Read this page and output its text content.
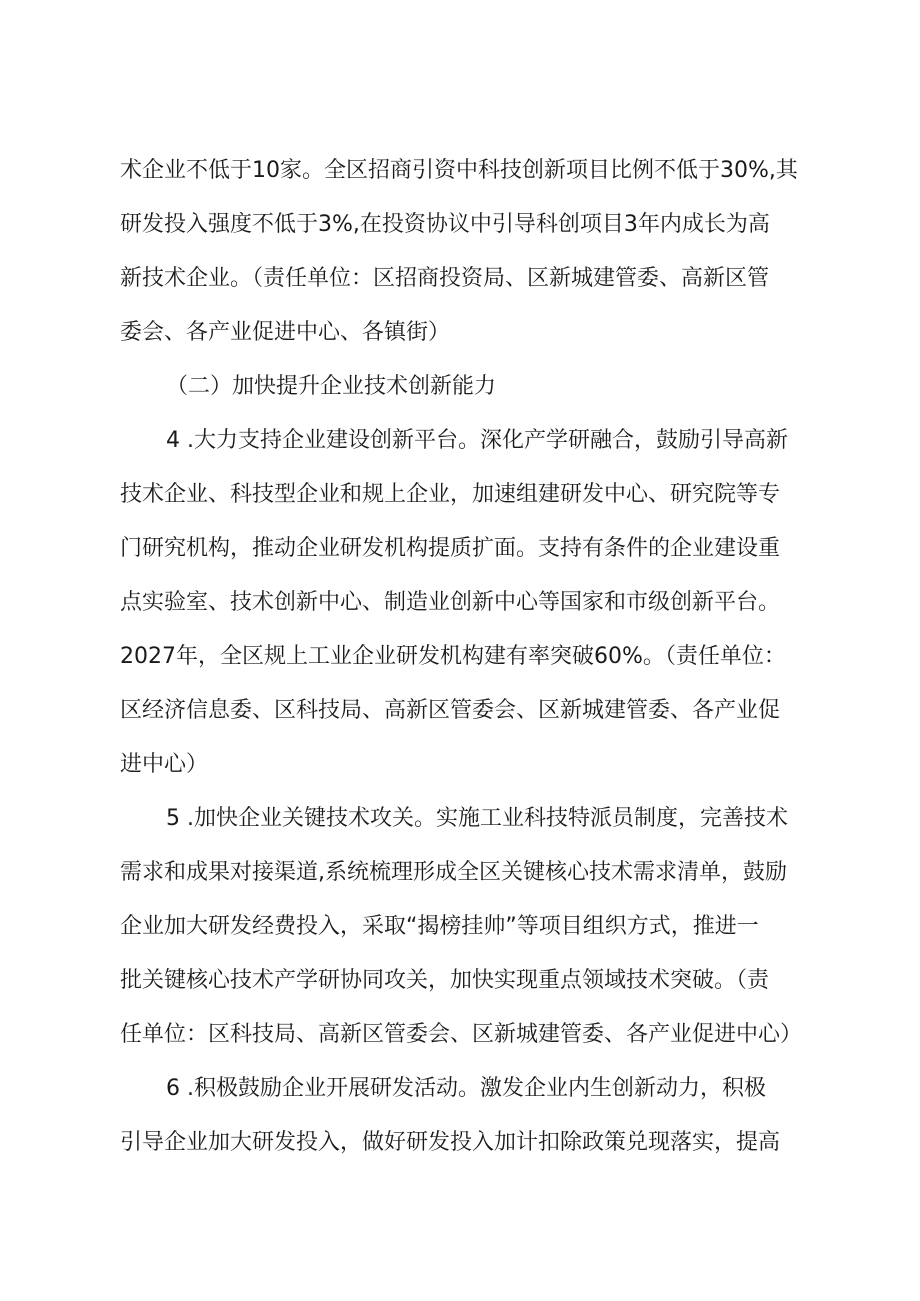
术企业不低于10家。全区招商引资中科技创新项目比例不低于30%,其
研发投入强度不低于3%,在投资协议中引导科创项目3年内成长为高
新技术企业。（责任单位：区招商投资局、区新城建管委、高新区管
委会、各产业促进中心、各镇街）
（二）加快提升企业技术创新能力
4 .大力支持企业建设创新平台。深化产学研融合，鼓励引导高新
技术企业、科技型企业和规上企业，加速组建研发中心、研究院等专
门研究机构，推动企业研发机构提质扩面。支持有条件的企业建设重
点实验室、技术创新中心、制造业创新中心等国家和市级创新平台。
2027年，全区规上工业企业研发机构建有率突破60%。（责任单位：
区经济信息委、区科技局、高新区管委会、区新城建管委、各产业促
进中心）
5 .加快企业关键技术攻关。实施工业科技特派员制度，完善技术
需求和成果对接渠道,系统梳理形成全区关键核心技术需求清单，鼓励
企业加大研发经费投入，采取“揭榜挂帅”等项目组织方式，推进一
批关键核心技术产学研协同攻关，加快实现重点领域技术突破。（责
任单位：区科技局、高新区管委会、区新城建管委、各产业促进中心）
6 .积极鼓励企业开展研发活动。激发企业内生创新动力，积极
引导企业加大研发投入，做好研发投入加计扣除政策兑现落实，提高
